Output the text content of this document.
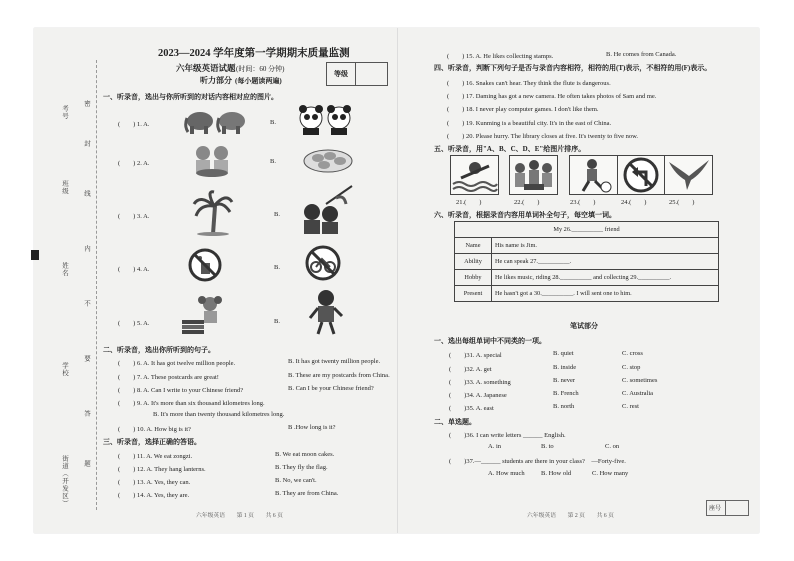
考号
班级
姓名
学校
街道（开发区）
密
封
线
内
不
要
答
题
2023—2024 学年度第一学期期末质量监测
六年级英语试题 (时间：60 分钟)
等级
听力部分 (每小题读两遍)
一、听录音，选出与你所听到的对话内容相对应的图片。
(　　) 1. A.	B.
(　　) 2. A.	B.
(　　) 3. A.	B.
(　　) 4. A.	B.
(　　) 5. A.	B.
二、听录音，选出你所听到的句子。
(　　) 6. A. It has got twelve million people.	B. It has got twenty million people.
(　　) 7. A. These postcards are great!	B. These are my postcards from China.
(　　) 8. A. Can I write to your Chinese friend?	B. Can I be your Chinese friend?
(　　) 9. A. It's more than six thousand kilometres long.
B. It's more than twenty thousand kilometres long.
(　　) 10. A. How big is it?	B .How long is it?
三、听录音，选择正确的答语。
(　　) 11. A. We eat zongzi.	B. We eat moon cakes.
(　　) 12. A. They hang lanterns.	B. They fly the flag.
(　　) 13. A. Yes, they can.	B. No, we can't.
(　　) 14. A. Yes, they are.	B. They are from China.
六年级英语　　第 1 页　　共 6 页
(　　) 15. A. He likes collecting stamps.	B. He comes from Canada.
四、听录音，判断下列句子是否与录音内容相符，相符的用(T)表示，不相符的用(F)表示。
(　　) 16. Snakes can't hear. They think the flute is dangerous.
(　　) 17. Daming has got a new camera. He often takes photos of Sam and me.
(　　) 18. I never play computer games. I don't like them.
(　　) 19. Kunming is a beautiful city. It's in the east of China.
(　　) 20. Please hurry. The library closes at five. It's twenty to five now.
五、听录音，用"A、B、C、D、E"给图片排序。
21.(　　)	22.(　　)	23.(　　)	24.(　　)	25.(　　)
六、听录音，根据录音内容用单词补全句子，每空填一词。
My 26.__________ friend	
Name	His name is Jim.
Ability	He can speak 27.__________.
Hobby	He likes music, riding 28.__________ and collecting 29.__________.
Present	He hasn't got a 30.__________. I will sent one to him.
笔试部分
一、选出每组单词中不同类的一项。
(　　)31. A. special	B. quiet	C. cross
(　　)32. A. get	B. inside	C. stop
(　　)33. A. something	B. never	C. sometimes
(　　)34. A. Japanese	B. French	C. Australia
(　　)35. A. east	B. north	C. rest
二、单选题。
(　　)36. I can write letters ______ English.
A. in	B. to	C. on
(　　)37.—______ students are there in your class?　—Forty-five.
A. How much	B. How old	C. How many
六年级英语　　第 2 页　　共 6 页
座号
